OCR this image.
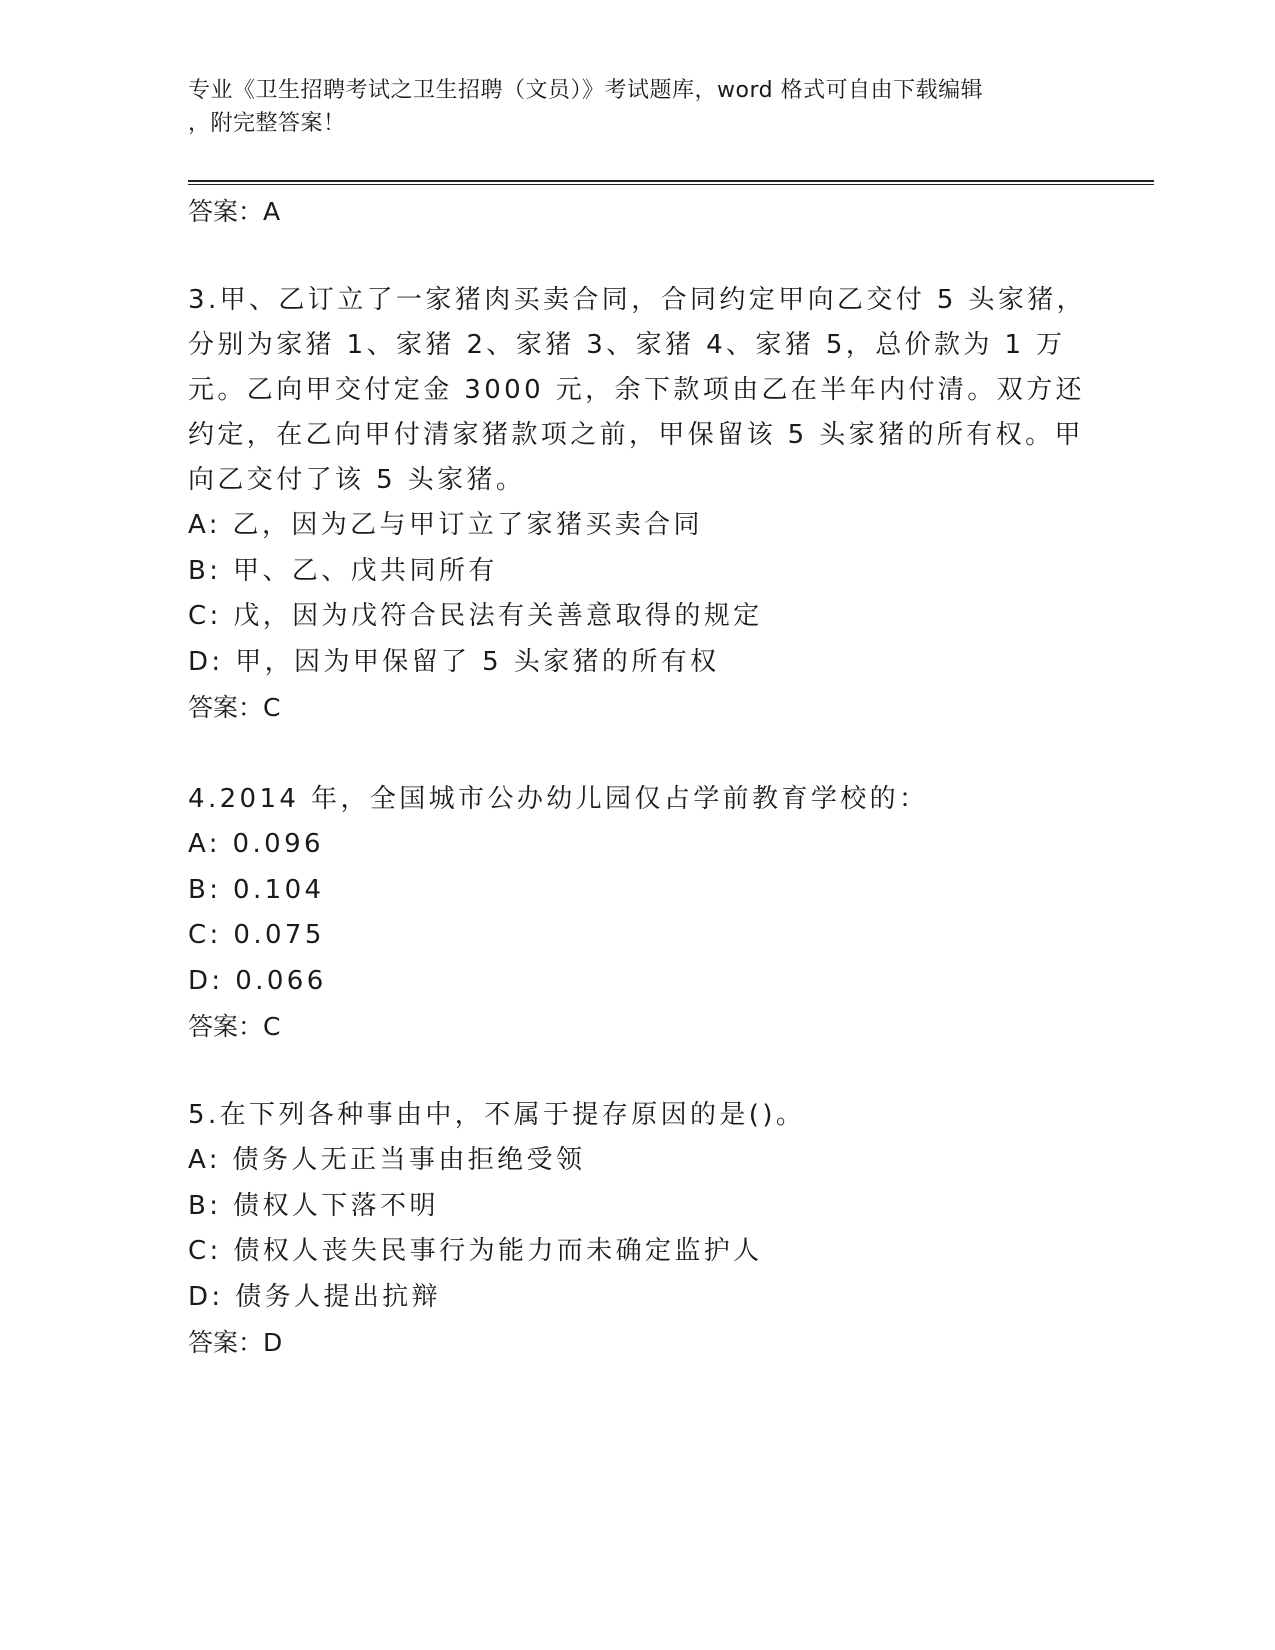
专业《卫生招聘考试之卫生招聘（文员）》考试题库，word 格式可自由下载编辑
，附完整答案！
答案：A

3.甲、乙订立了一家猪肉买卖合同，合同约定甲向乙交付 5 头家猪，分别为家猪 1、家猪 2、家猪 3、家猪 4、家猪 5，总价款为 1 万元。乙向甲交付定金 3000 元，余下款项由乙在半年内付清。双方还约定，在乙向甲付清家猪款项之前，甲保留该 5 头家猪的所有权。甲向乙交付了该 5 头家猪。

A: 乙，因为乙与甲订立了家猪买卖合同

B: 甲、乙、戊共同所有

C: 戊，因为戊符合民法有关善意取得的规定

D: 甲，因为甲保留了 5 头家猪的所有权

答案：C

4.2014 年，全国城市公办幼儿园仅占学前教育学校的：

A: 0.096

B: 0.104

C: 0.075

D: 0.066

答案：C

5.在下列各种事由中，不属于提存原因的是()。

A: 债务人无正当事由拒绝受领

B: 债权人下落不明

C: 债权人丧失民事行为能力而未确定监护人

D: 债务人提出抗辩

答案：D
